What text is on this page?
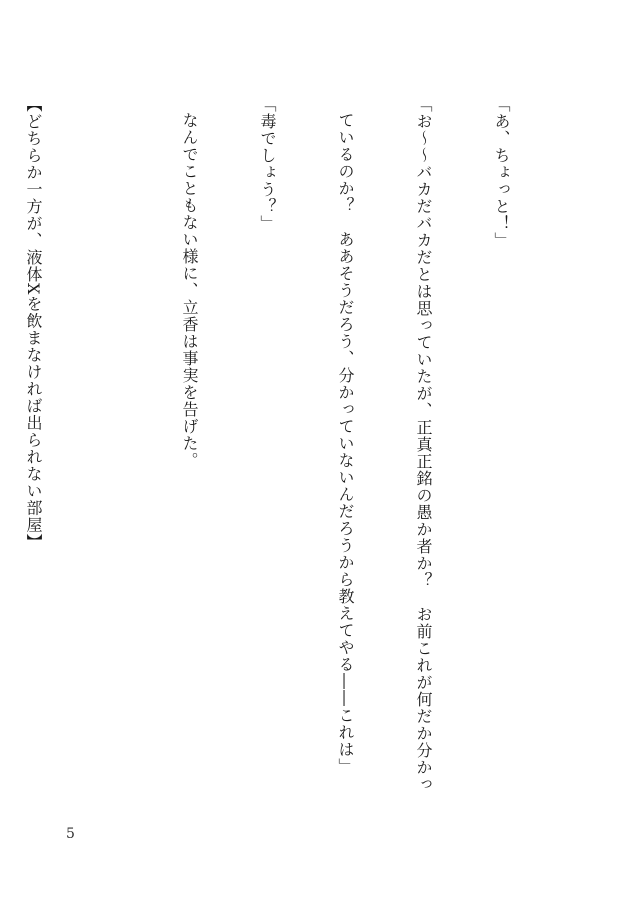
「あ、ちょっと！」

「お〜〜バカだバカだとは思っていたが、正真正銘の愚か者か？　お前これが何だか分かっ

ているのか？　ああそうだろう、分かっていないんだろうから教えてやる――これは」

「毒でしょう？」

なんでこともない様に、立香は事実を告げた。

【どちらか一方が、液体Xを飲まなければ出られない部屋】

5
